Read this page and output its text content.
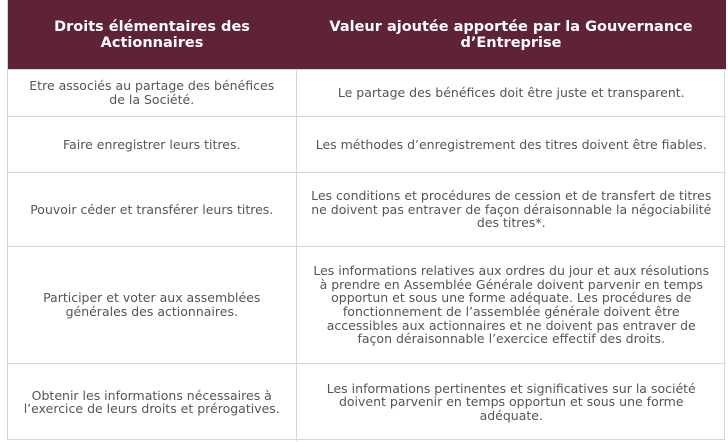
Droits élémentaires des Actionnaires	Valeur ajoutée apportée par la Gouvernance d’Entreprise
Etre associés au partage des bénéfices de la Société.	Le partage des bénéfices doit être juste et transparent.
Faire enregistrer leurs titres.	Les méthodes d’enregistrement des titres doivent être fiables.
Pouvoir céder et transférer leurs titres.	Les conditions et procédures de cession et de transfert de titres ne doivent pas entraver de façon déraisonnable la négociabilité des titres*.
Participer et voter aux assemblées générales des actionnaires.	Les informations relatives aux ordres du jour et aux résolutions à prendre en Assemblée Générale doivent parvenir en temps opportun et sous une forme adéquate. Les procédures de fonctionnement de l’assemblée générale doivent être accessibles aux actionnaires et ne doivent pas entraver de façon déraisonnable l’exercice effectif des droits.
Obtenir les informations nécessaires à l’exercice de leurs droits et prérogatives.	Les informations pertinentes et significatives sur la société doivent parvenir en temps opportun et sous une forme adéquate.
